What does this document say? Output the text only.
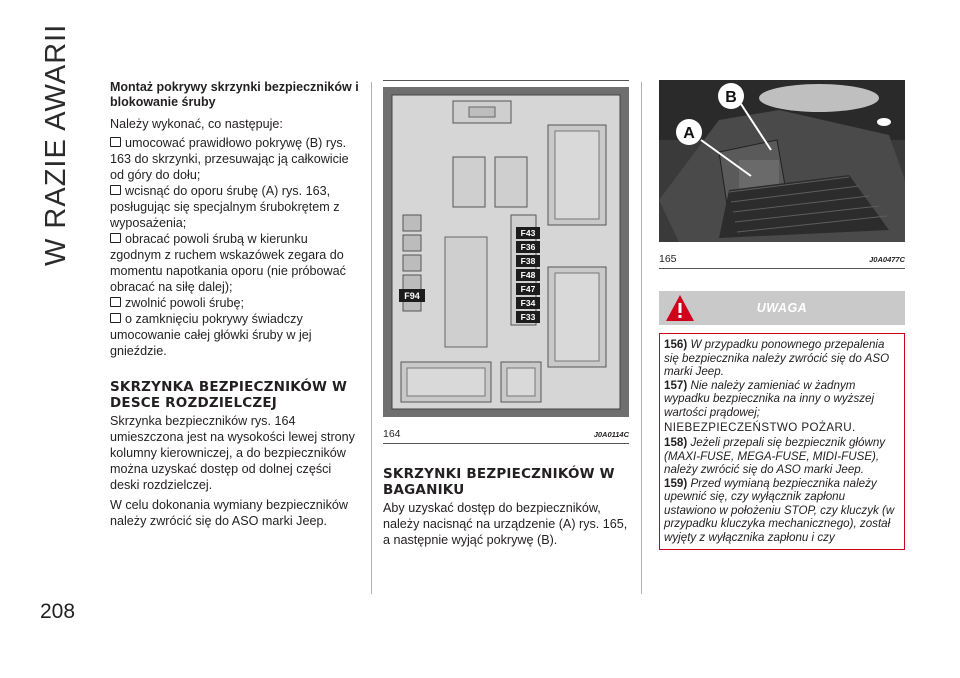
W RAZIE AWARII
208
Montaż pokrywy skrzynki bezpieczników i blokowanie śruby

Należy wykonać, co następuje:

umocować prawidłowo pokrywę (B) rys. 163 do skrzynki, przesuwając ją całkowicie od góry do dołu;

wcisnąć do oporu śrubę (A) rys. 163, posługując się specjalnym śrubokrętem z wyposażenia;

obracać powoli śrubą w kierunku zgodnym z ruchem wskazówek zegara do momentu napotkania oporu (nie próbować obracać na siłę dalej);

zwolnić powoli śrubę;

o zamknięciu pokrywy świadczy umocowanie całej główki śruby w jej gnieździe.

SKRZYNKA BEZPIECZNIKÓW W DESCE ROZDZIELCZEJ

Skrzynka bezpieczników rys. 164 umieszczona jest na wysokości lewej strony kolumny kierowniczej, a do bezpieczników można uzyskać dostęp od dolnej części deski rozdzielczej.

W celu dokonania wymiany bezpieczników należy zwrócić się do ASO marki Jeep.

F94
F43
F36
F38
F48
F47
F34
F33
164	J0A0114C
SKRZYNKI BEZPIECZNIKÓW W BAGANIKU

Aby uzyskać dostęp do bezpieczników, należy nacisnąć na urządzenie (A) rys. 165, a następnie wyjąć pokrywę (B).

A
B
165	J0A0477C
UWAGA

156) W przypadku ponownego przepalenia się bezpiecznika należy zwrócić się do ASO marki Jeep.

157) Nie należy zamieniać w żadnym wypadku bezpiecznika na inny o wyższej wartości prądowej;

NIEBEZPIECZEŃSTWO POŻARU.

158) Jeżeli przepali się bezpiecznik główny (MAXI-FUSE, MEGA-FUSE, MIDI-FUSE), należy zwrócić się do ASO marki Jeep.

159) Przed wymianą bezpiecznika należy upewnić się, czy wyłącznik zapłonu ustawiono w położeniu STOP, czy kluczyk (w przypadku kluczyka mechanicznego), został wyjęty z wyłącznika zapłonu i czy
